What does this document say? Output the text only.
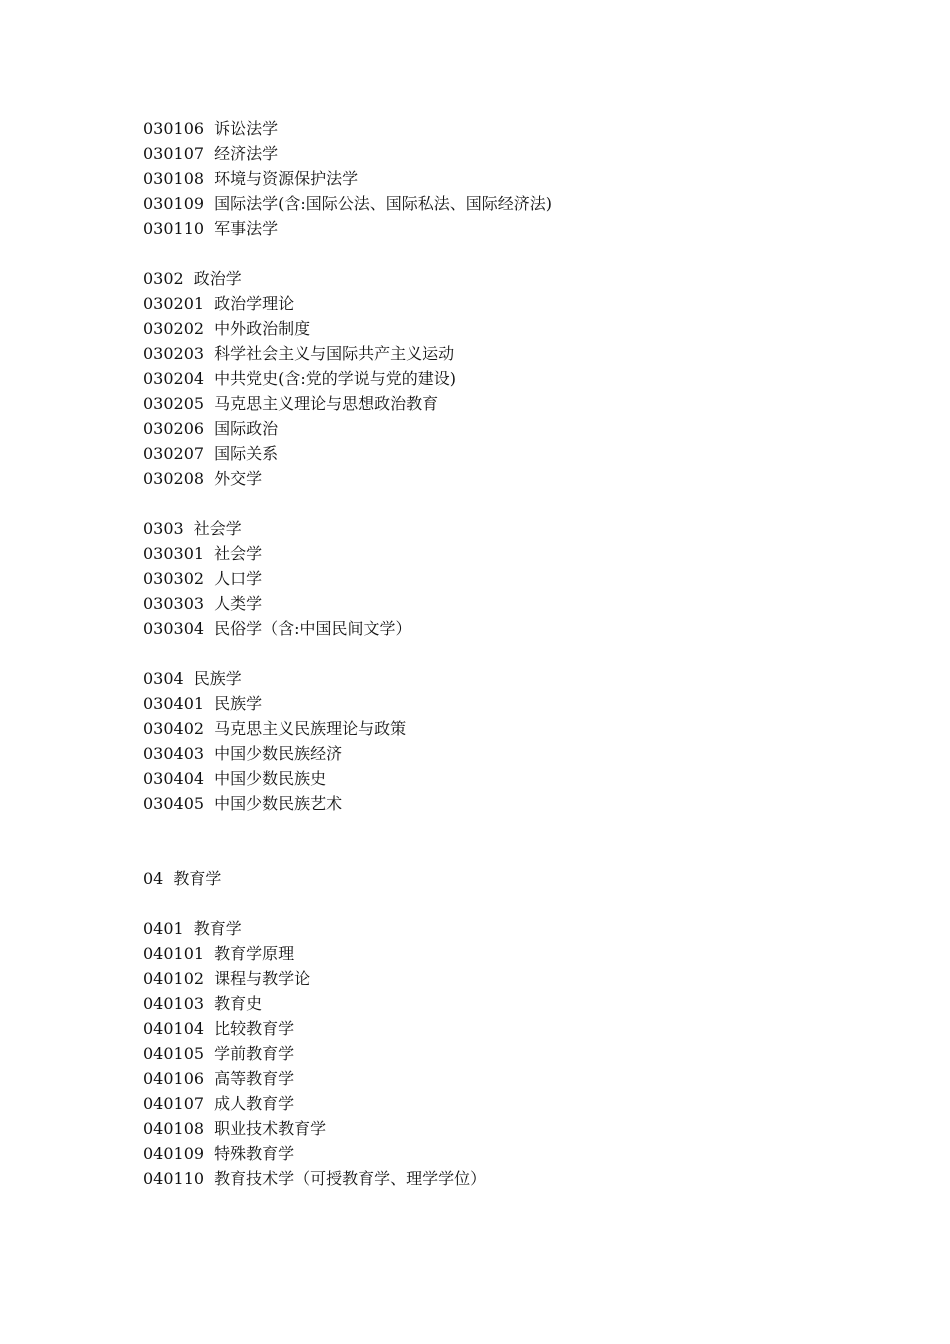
030106 诉讼法学
030107 经济法学
030108 环境与资源保护法学
030109 国际法学(含:国际公法、国际私法、国际经济法)
030110 军事法学
0302 政治学
030201 政治学理论
030202 中外政治制度
030203 科学社会主义与国际共产主义运动
030204 中共党史(含:党的学说与党的建设)
030205 马克思主义理论与思想政治教育
030206 国际政治
030207 国际关系
030208 外交学
0303 社会学
030301 社会学
030302 人口学
030303 人类学
030304 民俗学（含:中国民间文学）
0304 民族学
030401 民族学
030402 马克思主义民族理论与政策
030403 中国少数民族经济
030404 中国少数民族史
030405 中国少数民族艺术
04 教育学
0401 教育学
040101 教育学原理
040102 课程与教学论
040103 教育史
040104 比较教育学
040105 学前教育学
040106 高等教育学
040107 成人教育学
040108 职业技术教育学
040109 特殊教育学
040110 教育技术学（可授教育学、理学学位）
